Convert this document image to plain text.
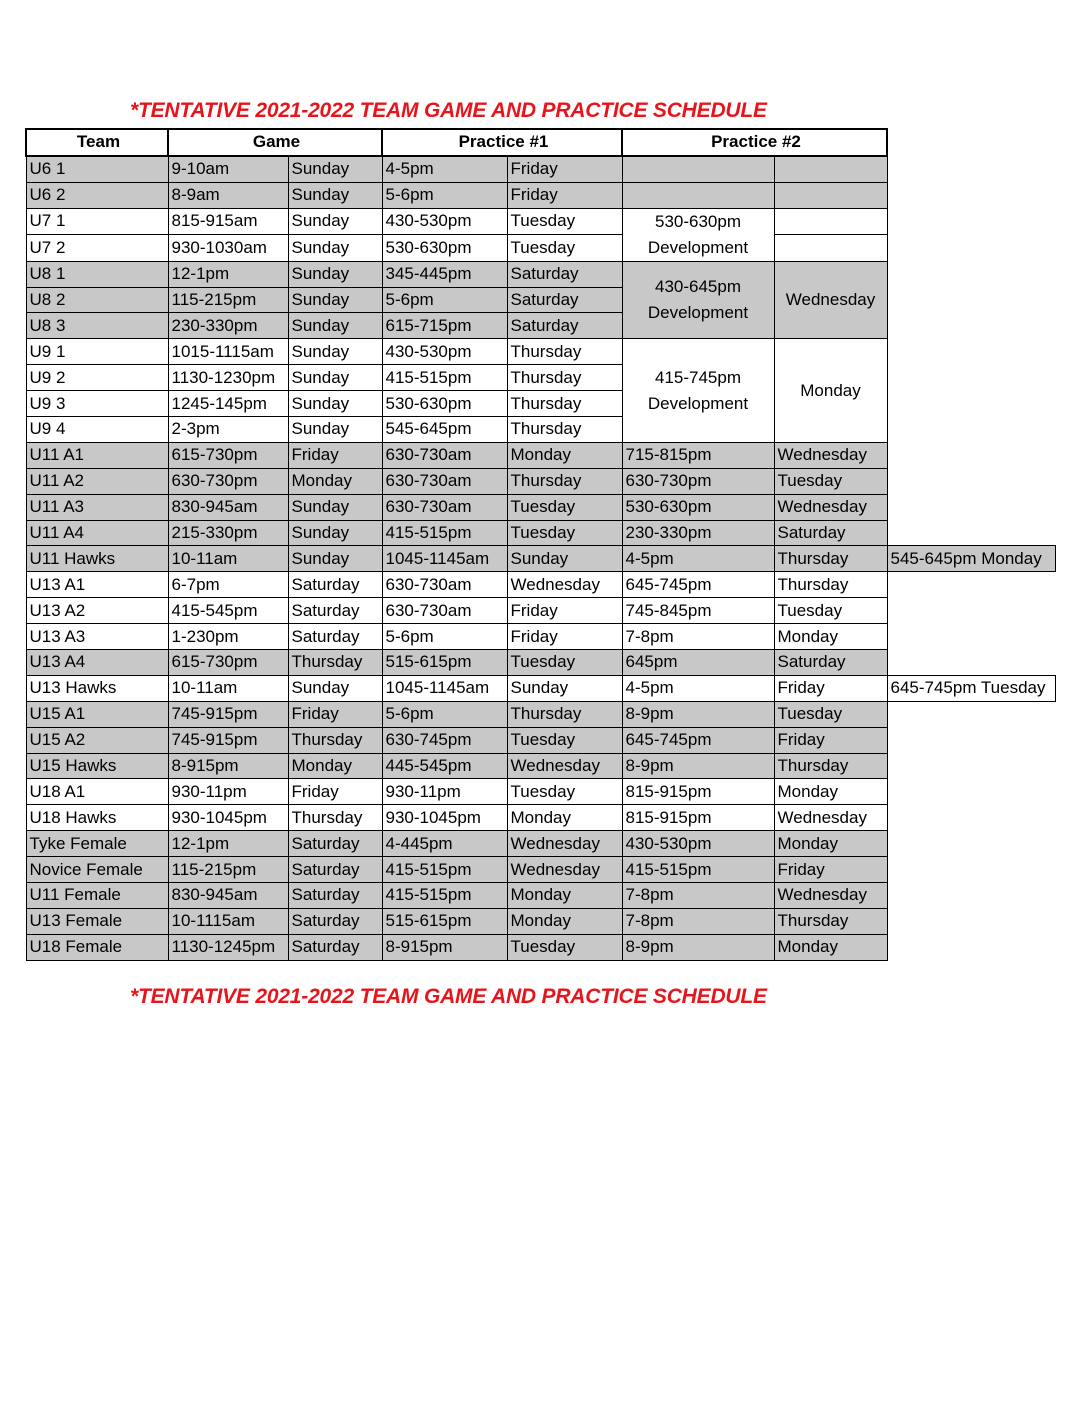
*TENTATIVE 2021-2022 TEAM GAME AND PRACTICE SCHEDULE
Team	Game		Practice #1		Practice #2		
U6 1	9-10am	Sunday	4-5pm	Friday			
U6 2	8-9am	Sunday	5-6pm	Friday			
U7 1	815-915am	Sunday	430-530pm	Tuesday	530-630pm Development		
U7 2	930-1030am	Sunday	530-630pm	Tuesday			
U8 1	12-1pm	Sunday	345-445pm	Saturday	430-645pm Development	Wednesday	
U8 2	115-215pm	Sunday	5-6pm	Saturday			
U8 3	230-330pm	Sunday	615-715pm	Saturday			
U9 1	1015-1115am	Sunday	430-530pm	Thursday	415-745pm Development	Monday	
U9 2	1130-1230pm	Sunday	415-515pm	Thursday			
U9 3	1245-145pm	Sunday	530-630pm	Thursday			
U9 4	2-3pm	Sunday	545-645pm	Thursday			
U11 A1	615-730pm	Friday	630-730am	Monday	715-815pm	Wednesday	
U11 A2	630-730pm	Monday	630-730am	Thursday	630-730pm	Tuesday	
U11 A3	830-945am	Sunday	630-730am	Tuesday	530-630pm	Wednesday	
U11 A4	215-330pm	Sunday	415-515pm	Tuesday	230-330pm	Saturday	
U11 Hawks	10-11am	Sunday	1045-1145am	Sunday	4-5pm	Thursday	545-645pm Monday
U13 A1	6-7pm	Saturday	630-730am	Wednesday	645-745pm	Thursday	
U13 A2	415-545pm	Saturday	630-730am	Friday	745-845pm	Tuesday	
U13 A3	1-230pm	Saturday	5-6pm	Friday	7-8pm	Monday	
U13 A4	615-730pm	Thursday	515-615pm	Tuesday	645pm	Saturday	
U13 Hawks	10-11am	Sunday	1045-1145am	Sunday	4-5pm	Friday	645-745pm Tuesday
U15 A1	745-915pm	Friday	5-6pm	Thursday	8-9pm	Tuesday	
U15 A2	745-915pm	Thursday	630-745pm	Tuesday	645-745pm	Friday	
U15 Hawks	8-915pm	Monday	445-545pm	Wednesday	8-9pm	Thursday	
U18 A1	930-11pm	Friday	930-11pm	Tuesday	815-915pm	Monday	
U18 Hawks	930-1045pm	Thursday	930-1045pm	Monday	815-915pm	Wednesday	
Tyke Female	12-1pm	Saturday	4-445pm	Wednesday	430-530pm	Monday	
Novice Female	115-215pm	Saturday	415-515pm	Wednesday	415-515pm	Friday	
U11 Female	830-945am	Saturday	415-515pm	Monday	7-8pm	Wednesday	
U13 Female	10-1115am	Saturday	515-615pm	Monday	7-8pm	Thursday	
U18 Female	1130-1245pm	Saturday	8-915pm	Tuesday	8-9pm	Monday	
*TENTATIVE 2021-2022 TEAM GAME AND PRACTICE SCHEDULE
